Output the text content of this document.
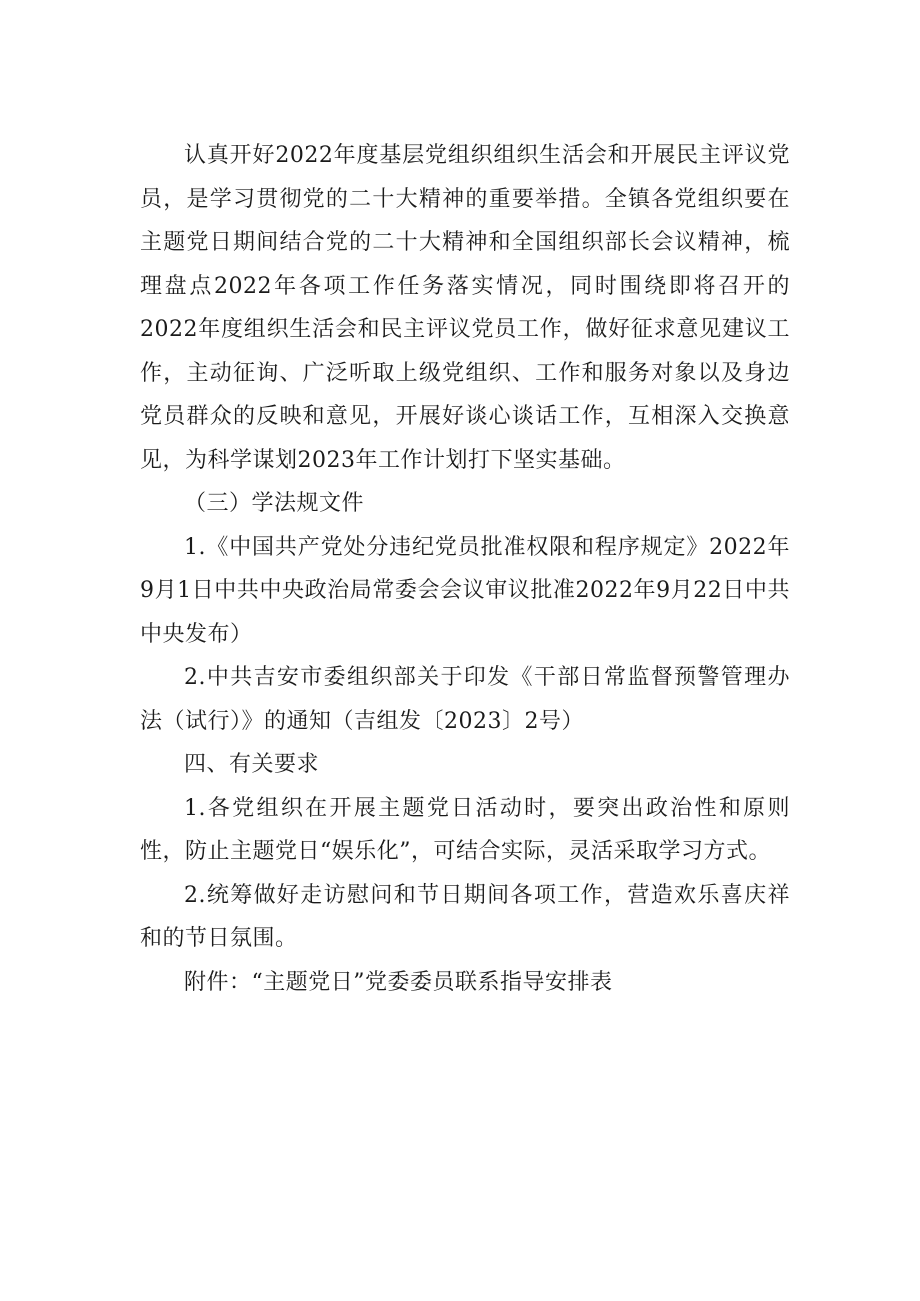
认真开好2022年度基层党组织组织生活会和开展民主评议党员，是学习贯彻党的二十大精神的重要举措。全镇各党组织要在主题党日期间结合党的二十大精神和全国组织部长会议精神，梳理盘点2022年各项工作任务落实情况，同时围绕即将召开的2022年度组织生活会和民主评议党员工作，做好征求意见建议工作，主动征询、广泛听取上级党组织、工作和服务对象以及身边党员群众的反映和意见，开展好谈心谈话工作，互相深入交换意见，为科学谋划2023年工作计划打下坚实基础。

（三）学法规文件

1.《中国共产党处分违纪党员批准权限和程序规定》2022年9月1日中共中央政治局常委会会议审议批准2022年9月22日中共中央发布）

2.中共吉安市委组织部关于印发《干部日常监督预警管理办法（试行）》的通知（吉组发〔2023〕2号）

四、有关要求

1.各党组织在开展主题党日活动时，要突出政治性和原则性，防止主题党日“娱乐化”，可结合实际，灵活采取学习方式。

2.统筹做好走访慰问和节日期间各项工作，营造欢乐喜庆祥和的节日氛围。

附件：“主题党日”党委委员联系指导安排表
